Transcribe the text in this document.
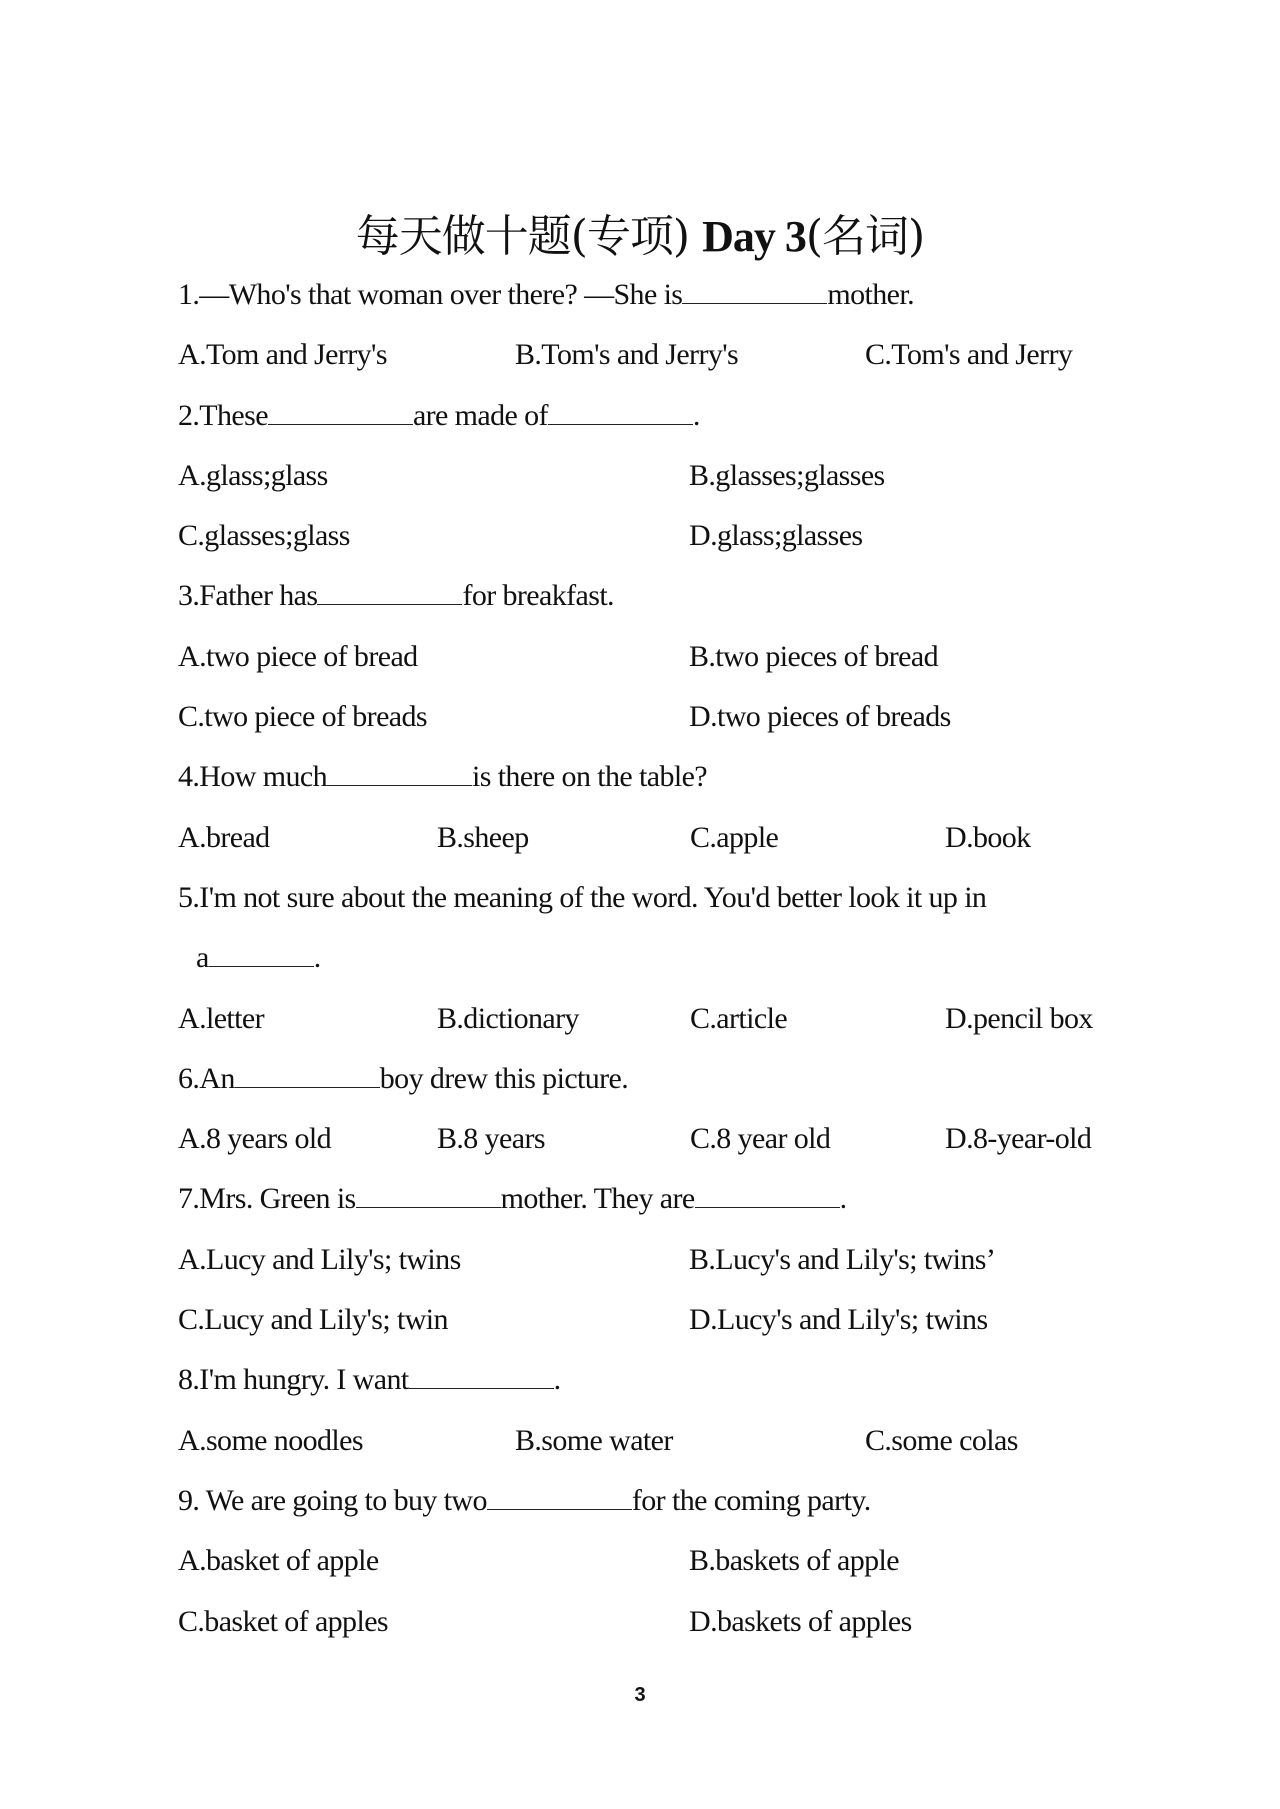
每天做十题(专项) Day 3(名词)
1.—Who's that woman over there? —She is	mother.
A.Tom and Jerry's	B.Tom's and Jerry's	C.Tom's and Jerry
2.These	are made of	.
A.glass;glass	B.glasses;glasses
C.glasses;glass	D.glass;glasses
3.Father has	for breakfast.
A.two piece of bread	B.two pieces of bread
C.two piece of breads	D.two pieces of breads
4.How much	is there on the table?
A.bread	B.sheep	C.apple	D.book
5.I'm not sure about the meaning of the word. You'd better look it up in
a	.
A.letter	B.dictionary	C.article	D.pencil box
6.An	boy drew this picture.
A.8 years old	B.8 years	C.8 year old	D.8-year-old
7.Mrs. Green is	mother. They are	.
A.Lucy and Lily's; twins	B.Lucy's and Lily's; twins’
C.Lucy and Lily's; twin	D.Lucy's and Lily's; twins
8.I'm hungry. I want	.
A.some noodles	B.some water	C.some colas
9. We are going to buy two	for the coming party.
A.basket of apple	B.baskets of apple
C.basket of apples	D.baskets of apples
3
